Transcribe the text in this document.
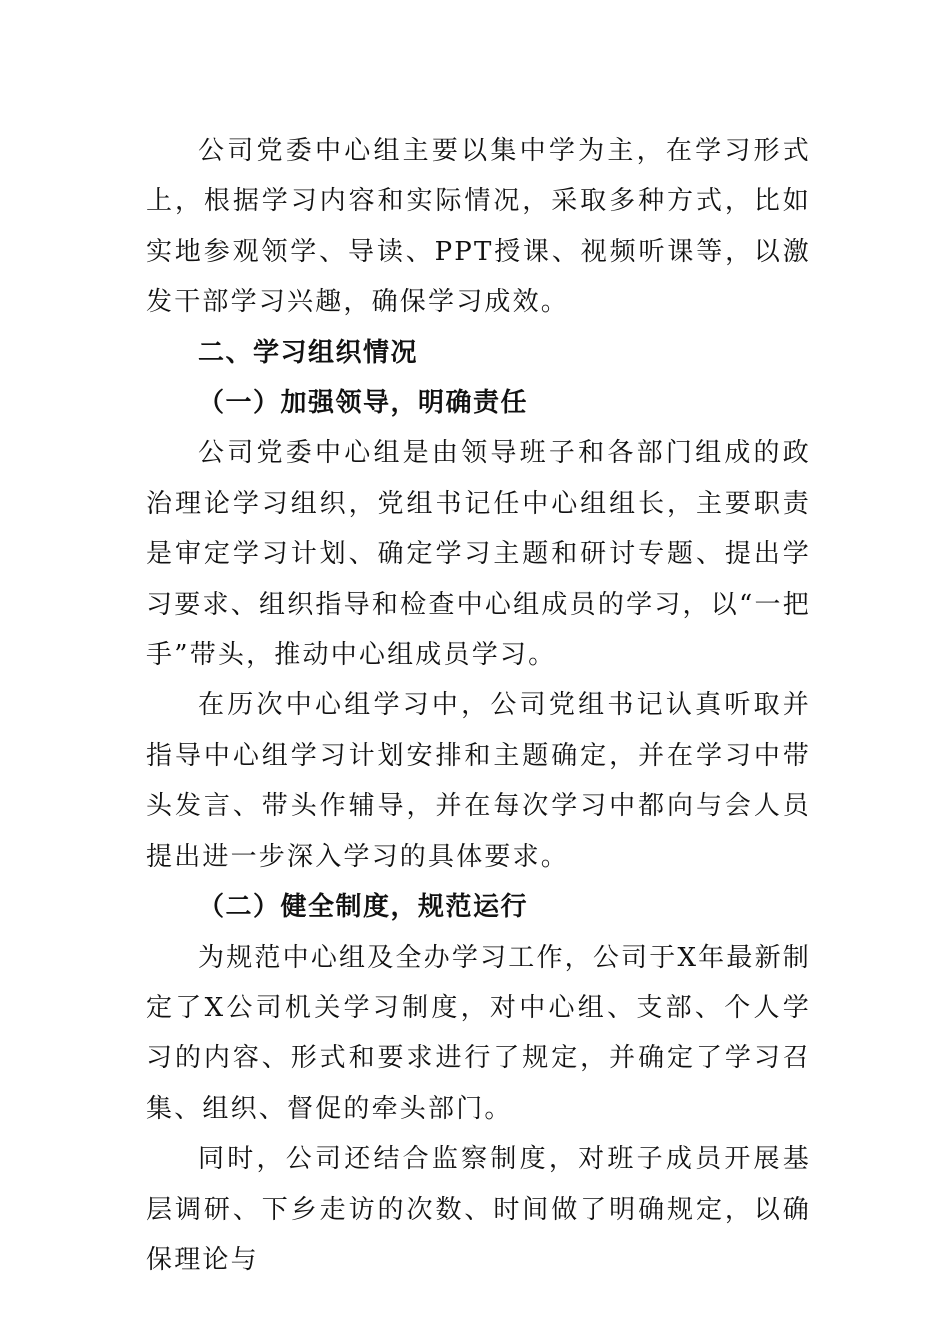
公司党委中心组主要以集中学为主，在学习形式上，根据学习内容和实际情况，采取多种方式，比如实地参观领学、导读、PPT授课、视频听课等，以激发干部学习兴趣，确保学习成效。

二、学习组织情况

（一）加强领导，明确责任

公司党委中心组是由领导班子和各部门组成的政治理论学习组织，党组书记任中心组组长，主要职责是审定学习计划、确定学习主题和研讨专题、提出学习要求、组织指导和检查中心组成员的学习，以“一把手”带头，推动中心组成员学习。

在历次中心组学习中，公司党组书记认真听取并指导中心组学习计划安排和主题确定，并在学习中带头发言、带头作辅导，并在每次学习中都向与会人员提出进一步深入学习的具体要求。

（二）健全制度，规范运行

为规范中心组及全办学习工作，公司于X年最新制定了X公司机关学习制度，对中心组、支部、个人学习的内容、形式和要求进行了规定，并确定了学习召集、组织、督促的牵头部门。

同时，公司还结合监察制度，对班子成员开展基层调研、下乡走访的次数、时间做了明确规定，以确保理论与
